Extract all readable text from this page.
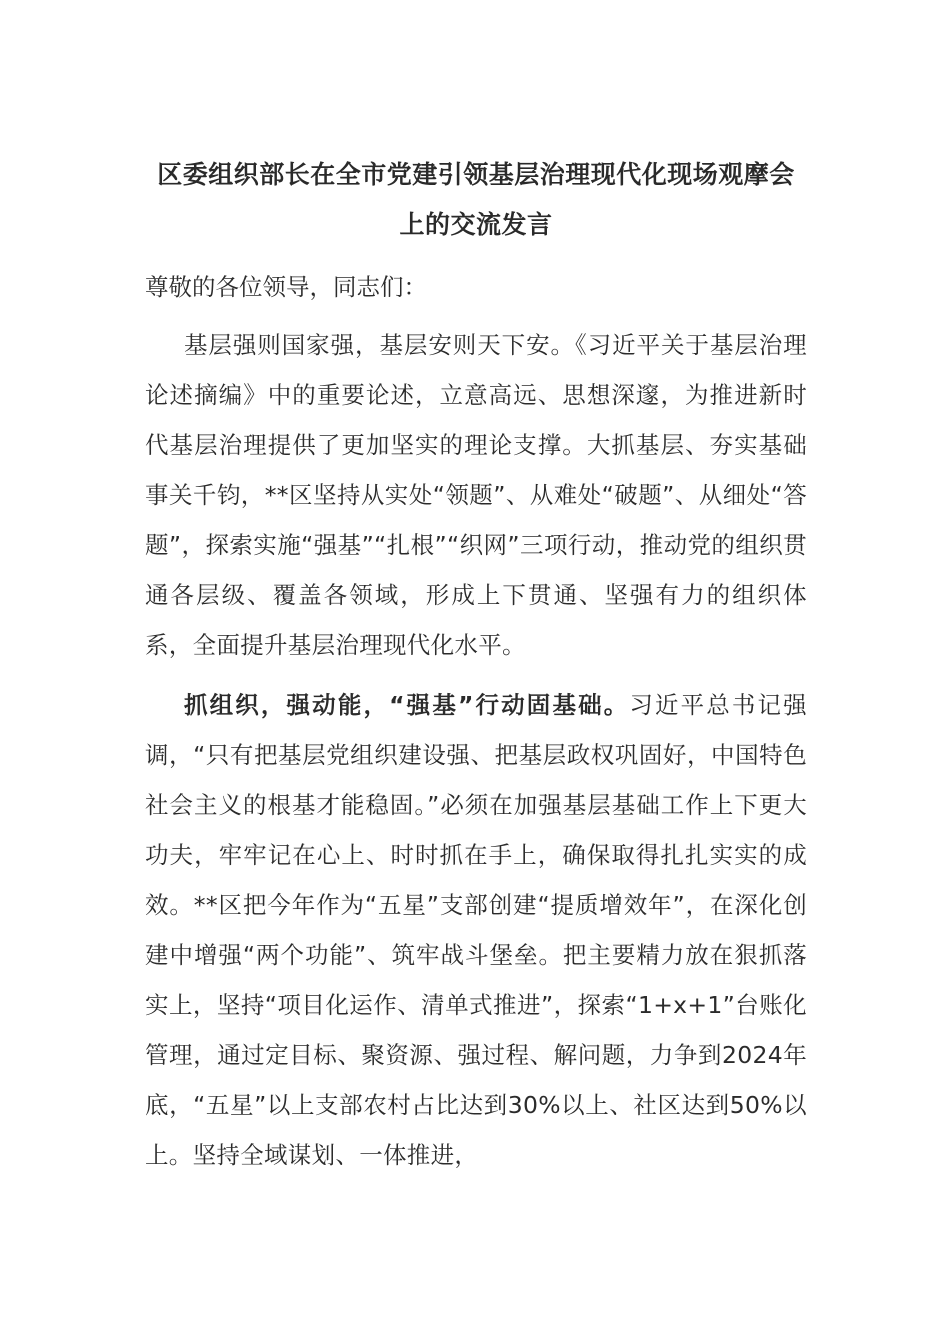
区委组织部长在全市党建引领基层治理现代化现场观摩会
上的交流发言

尊敬的各位领导，同志们：

基层强则国家强，基层安则天下安。《习近平关于基层治理论述摘编》中的重要论述，立意高远、思想深邃，为推进新时代基层治理提供了更加坚实的理论支撑。大抓基层、夯实基础事关千钧，**区坚持从实处“领题”、从难处“破题”、从细处“答题”，探索实施“强基”“扎根”“织网”三项行动，推动党的组织贯通各层级、覆盖各领域，形成上下贯通、坚强有力的组织体系，全面提升基层治理现代化水平。

抓组织，强动能，“强基”行动固基础。习近平总书记强调，“只有把基层党组织建设强、把基层政权巩固好，中国特色社会主义的根基才能稳固。”必须在加强基层基础工作上下更大功夫，牢牢记在心上、时时抓在手上，确保取得扎扎实实的成效。**区把今年作为“五星”支部创建“提质增效年”，在深化创建中增强“两个功能”、筑牢战斗堡垒。把主要精力放在狠抓落实上，坚持“项目化运作、清单式推进”，探索“1+x+1”台账化管理，通过定目标、聚资源、强过程、解问题，力争到2024年底，“五星”以上支部农村占比达到30%以上、社区达到50%以上。坚持全域谋划、一体推进，
